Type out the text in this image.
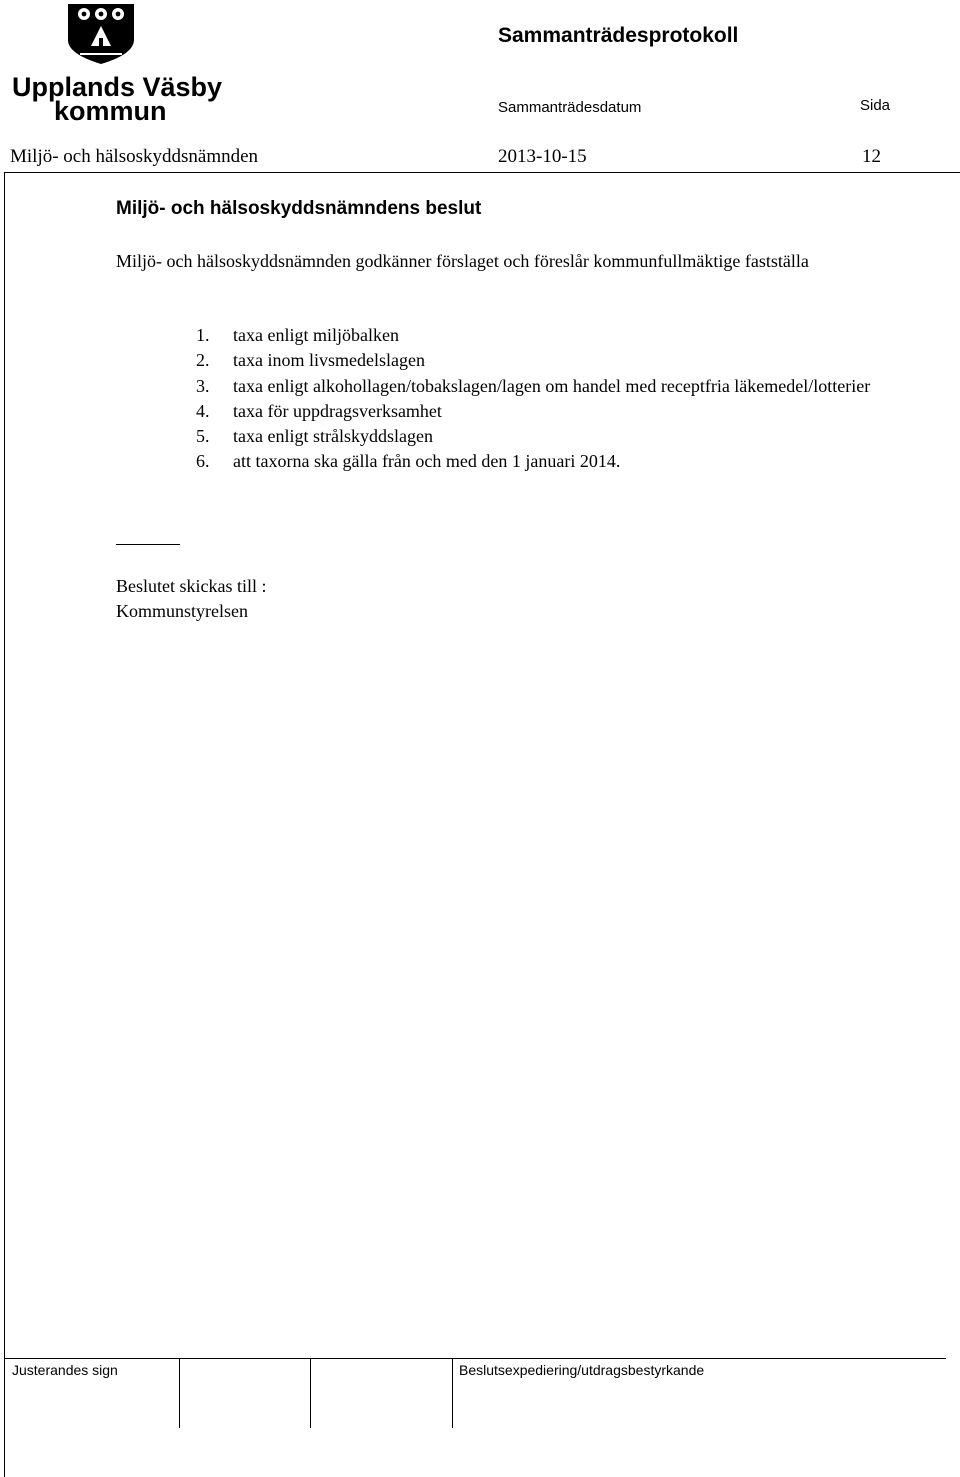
Upplands Väsby
kommun
Sammanträdesprotokoll
Sammanträdesdatum	Sida
Miljö- och hälsoskyddsnämnden	2013-10-15	12
Miljö- och hälsoskyddsnämndens beslut
Miljö- och hälsoskyddsnämnden godkänner förslaget och föreslår kommunfullmäktige fastställa
1.	taxa enligt miljöbalken
2.	taxa inom livsmedelslagen
3.	taxa enligt alkohollagen/tobakslagen/lagen om handel med receptfria läkemedel/lotterier
4.	taxa för uppdragsverksamhet
5.	taxa enligt strålskyddslagen
6.	att taxorna ska gälla från och med den 1 januari 2014.
Beslutet skickas till :
Kommunstyrelsen
Justerandes sign	Beslutsexpediering/utdragsbestyrkande
